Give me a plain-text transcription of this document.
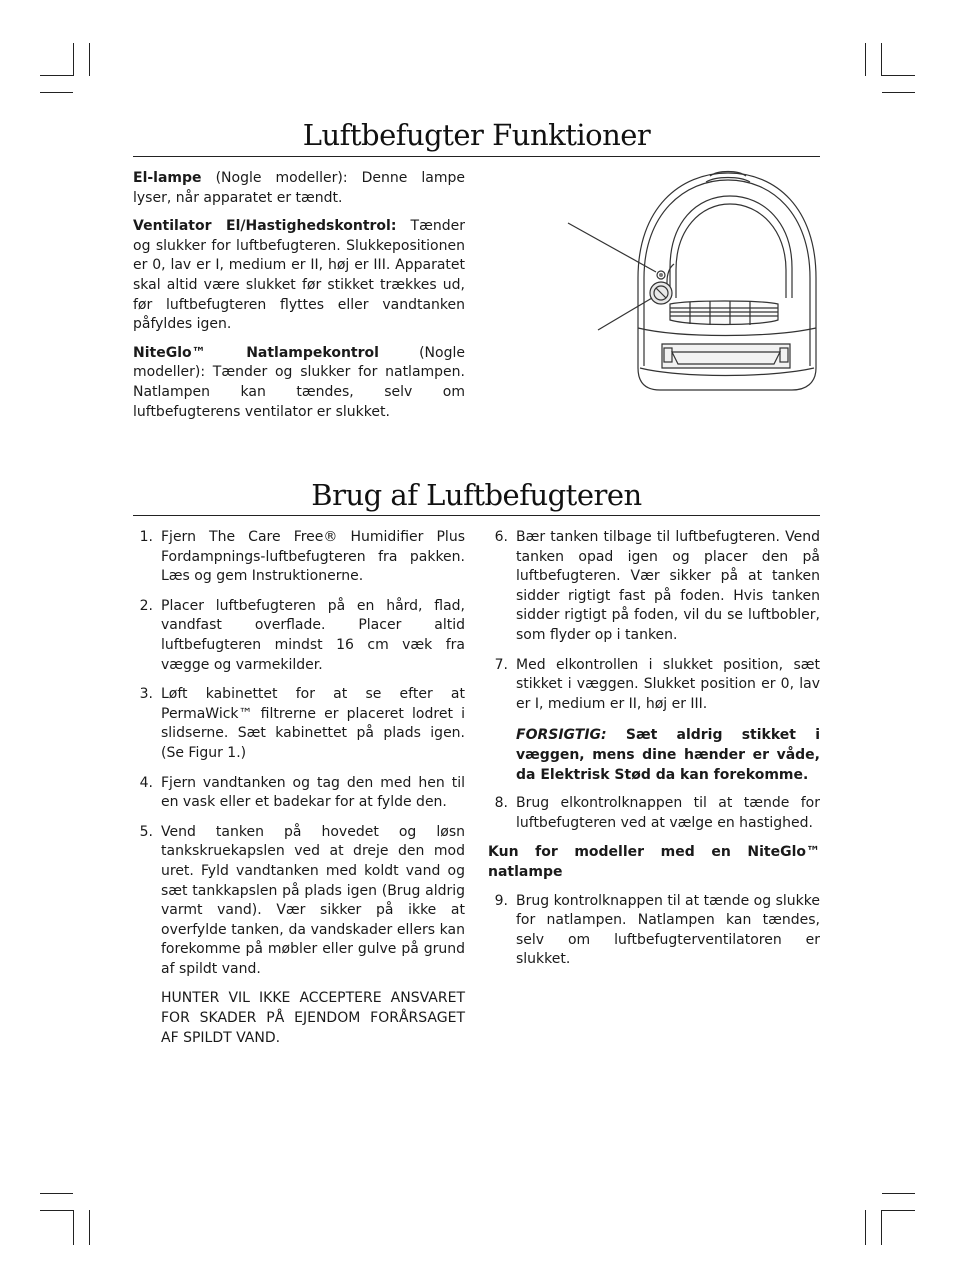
Luftbefugter Funktioner

El-lampe (Nogle modeller): Denne lampe lyser, når apparatet er tændt.

Ventilator El/Hastighedskontrol: Tænder og slukker for luftbefugteren. Slukkepositionen er 0, lav er I, medium er II, høj er III. Apparatet skal altid være slukket før stikket trækkes ud, før luftbefugteren flyttes eller vandtanken påfyldes igen.

NiteGlo™ Natlampekontrol (Nogle modeller): Tænder og slukker for natlampen. Natlampen kan tændes, selv om luftbefugterens ventilator er slukket.

Brug af Luftbefugteren
1. Fjern The Care Free® Humidifier Plus Fordampnings-luftbefugteren fra pakken. Læs og gem Instruktionerne.
2. Placer luftbefugteren på en hård, flad, vandfast overflade. Placer altid luftbefugteren mindst 16 cm væk fra vægge og varmekilder.
3. Løft kabinettet for at se efter at PermaWick™ filtrerne er placeret lodret i slidserne. Sæt kabinettet på plads igen. (Se Figur 1.)
4. Fjern vandtanken og tag den med hen til en vask eller et badekar for at fylde den.
5. Vend tanken på hovedet og løsn tankskruekapslen ved at dreje den mod uret. Fyld vandtanken med koldt vand og sæt tankkapslen på plads igen (Brug aldrig varmt vand). Vær sikker på ikke at overfylde tanken, da vandskader ellers kan forekomme på møbler eller gulve på grund af spildt vand.

HUNTER VIL IKKE ACCEPTERE ANSVARET FOR SKADER PÅ EJENDOM FORÅRSAGET AF SPILDT VAND.

6. Bær tanken tilbage til luftbefugteren. Vend tanken opad igen og placer den på luftbefugteren. Vær sikker på at tanken sidder rigtigt fast på foden. Hvis tanken sidder rigtigt på foden, vil du se luftbobler, som flyder op i tanken.
7. Med elkontrollen i slukket position, sæt stikket i væggen. Slukket position er 0, lav er I, medium er II, høj er III.

FORSIGTIG: Sæt aldrig stikket i væggen, mens dine hænder er våde, da Elektrisk Stød da kan forekomme.

8. Brug elkontrolknappen til at tænde for luftbefugteren ved at vælge en hastighed.

Kun for modeller med en NiteGlo™ natlampe

9. Brug kontrolknappen til at tænde og slukke for natlampen. Natlampen kan tændes, selv om luftbefugterventilatoren er slukket.
